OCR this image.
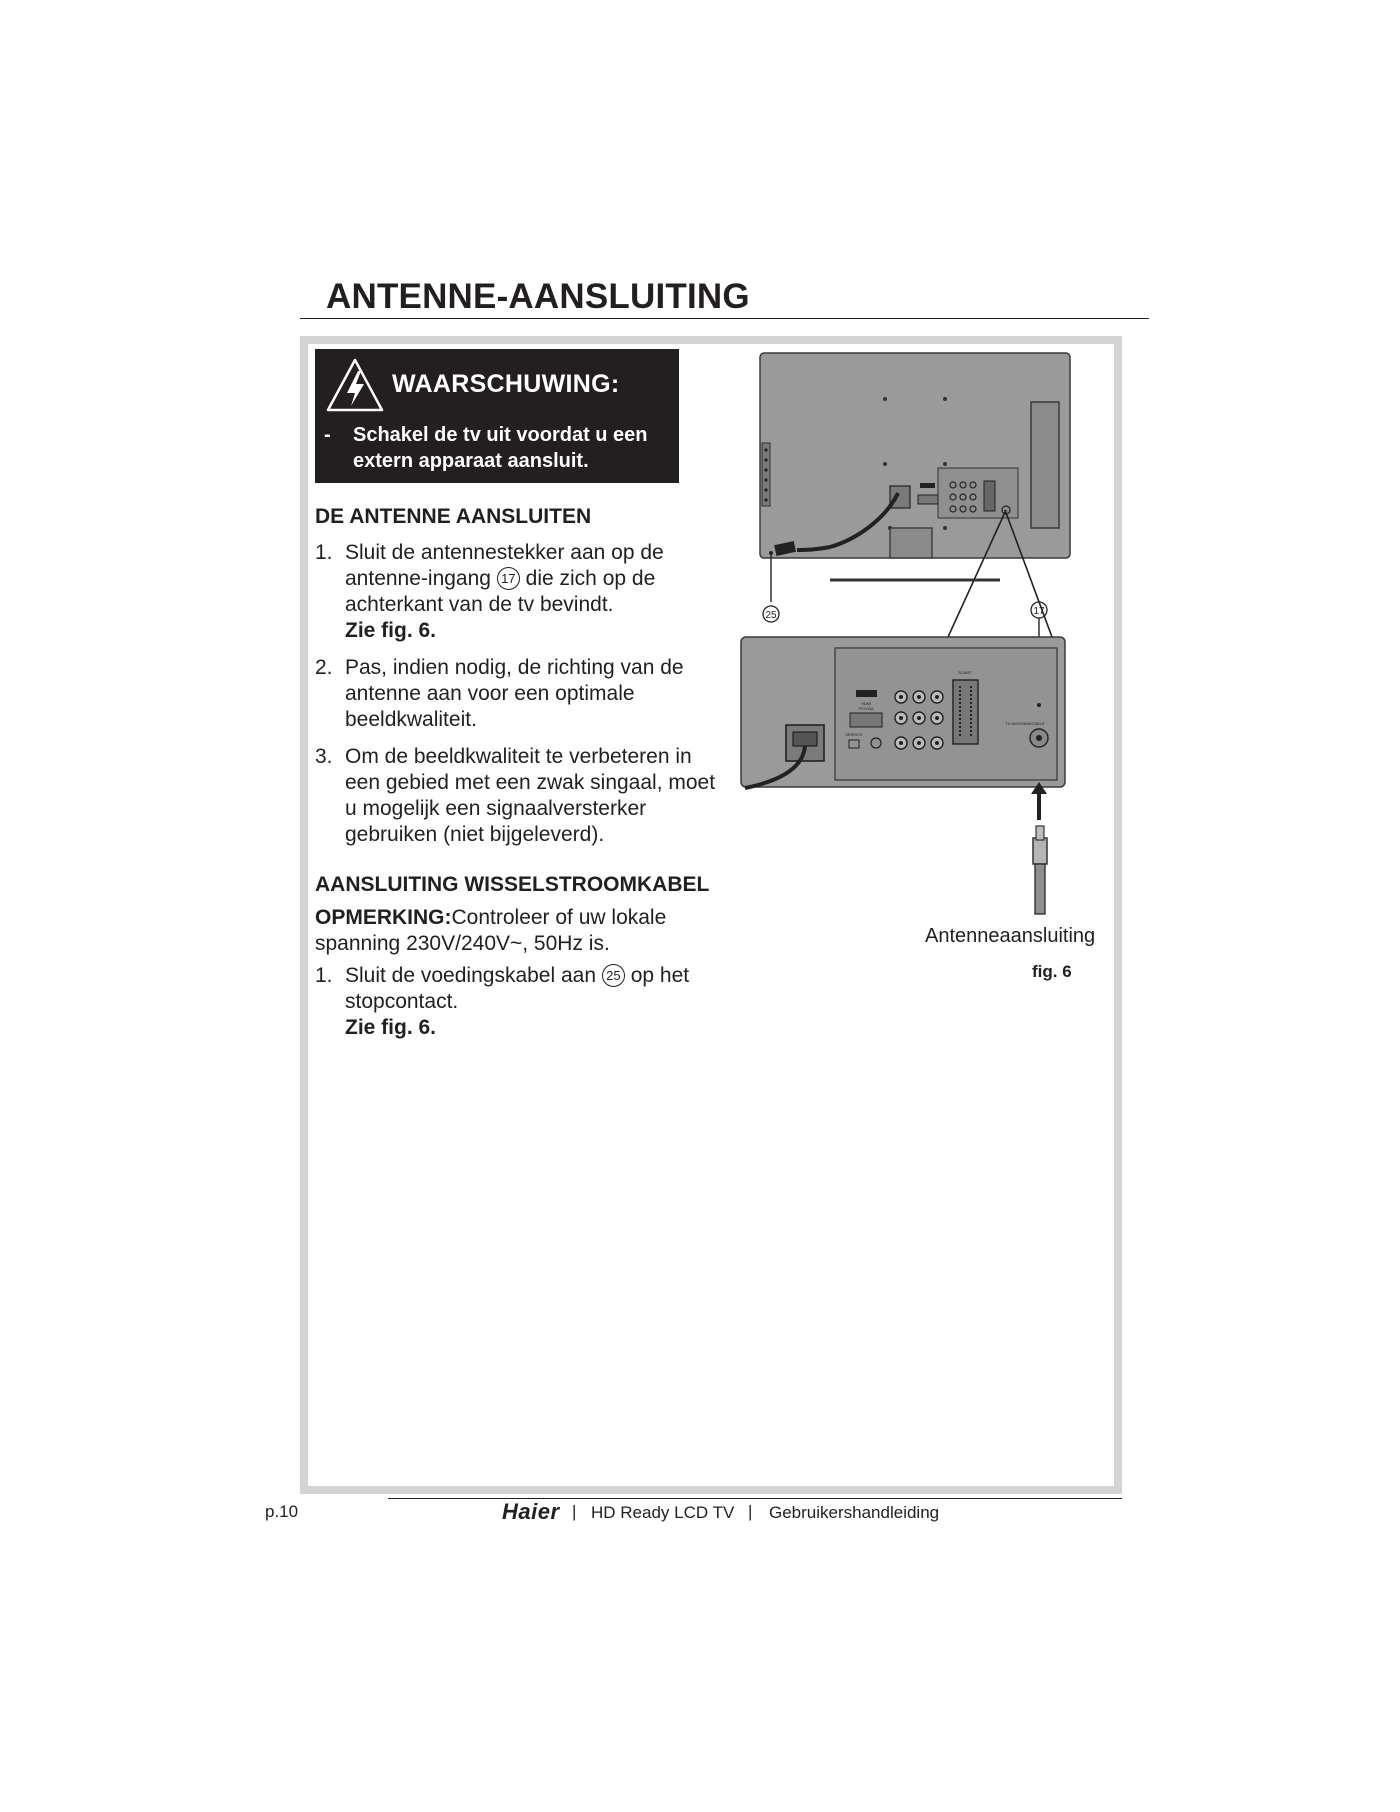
ANTENNE-AANSLUITING
WAARSCHUWING:
- Schakel de tv uit voordat u een extern apparaat aansluit.
DE ANTENNE AANSLUITEN
1. Sluit de antennestekker aan op de antenne-ingang 17 die zich op de achterkant van de tv bevindt.
Zie fig. 6.
2. Pas, indien nodig, de richting van de antenne aan voor een optimale beeldkwaliteit.
3. Om de beeldkwaliteit te verbeteren in een gebied met een zwak singaal, moet u mogelijk een signaalversterker gebruiken (niet bijgeleverd).
AANSLUITING WISSELSTROOMKABEL
OPMERKING:Controleer of uw lokale spanning 230V/240V~, 50Hz is.
1. Sluit de voedingskabel aan 25 op het stopcontact.
Zie fig. 6.
25	17
HDMI
PC/VGA
SERVICE
SCART
TV ANTENNA/CABLE
Antenneaansluiting
fig. 6
p.10	Haier | HD Ready LCD TV | Gebruikershandleiding
